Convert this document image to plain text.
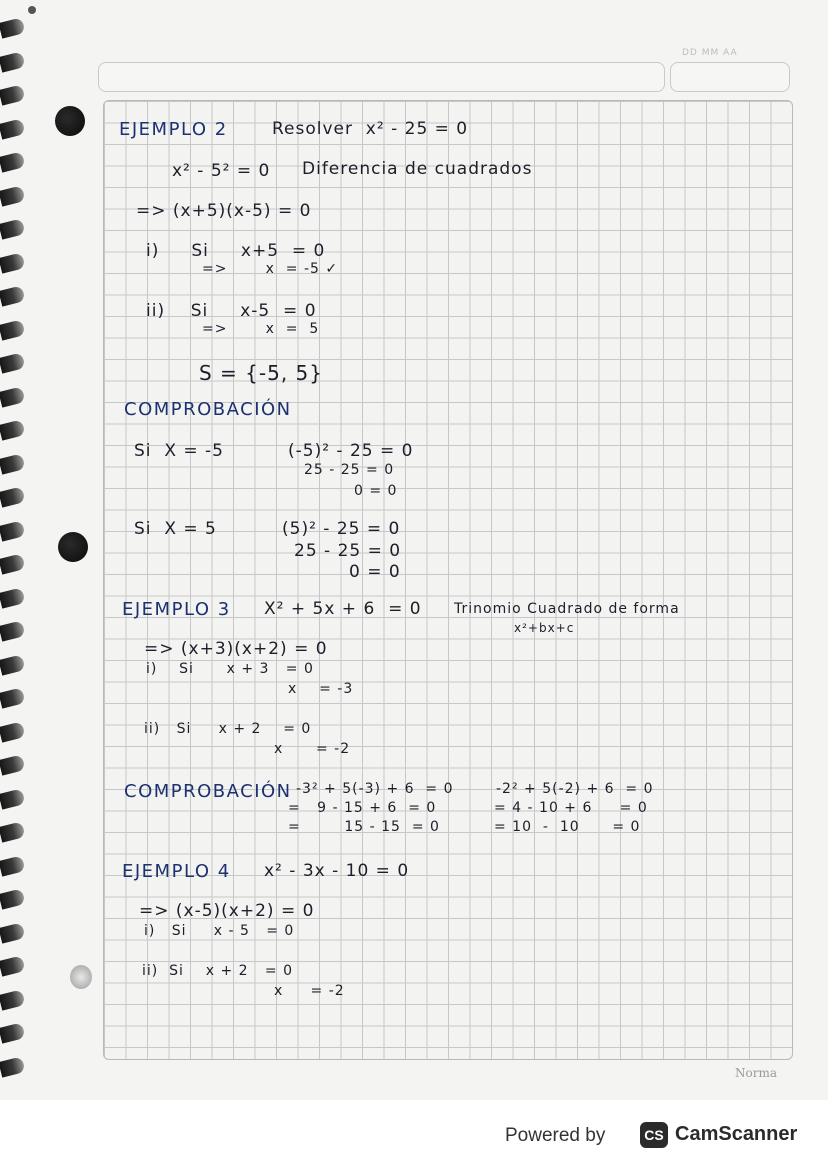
DD MM AA
EJEMPLO 2	Resolver  x² - 25 = 0
x² - 5² = 0 Diferencia de cuadrados
=> (x+5)(x-5) = 0
i)     Si     x+5  = 0
=>       x  = -5 ✓
ii)    Si     x-5  = 0
=>       x  =  5
S = {-5, 5}
COMPROBACIÓN
Si  X = -5	(-5)² - 25 = 0
25 - 25 = 0
0 = 0
Si  X = 5	(5)² - 25 = 0
25 - 25 = 0
0 = 0
EJEMPLO 3 X² + 5x + 6  = 0 Trinomio Cuadrado de forma
x²+bx+c
=> (x+3)(x+2) = 0
i)    Si      x + 3   = 0
x    = -3
ii)   Si     x + 2    = 0
x      = -2
COMPROBACIÓN -3² + 5(-3) + 6  = 0
=   9 - 15 + 6  = 0
=        15 - 15  = 0
-2² + 5(-2) + 6  = 0
= 4 - 10 + 6     = 0
= 10  -  10      = 0
EJEMPLO 4 x² - 3x - 10 = 0
=> (x-5)(x+2) = 0
i)   Si     x - 5   = 0
ii)  Si    x + 2   = 0
x     = -2
Norma
Powered by	CS CamScanner
